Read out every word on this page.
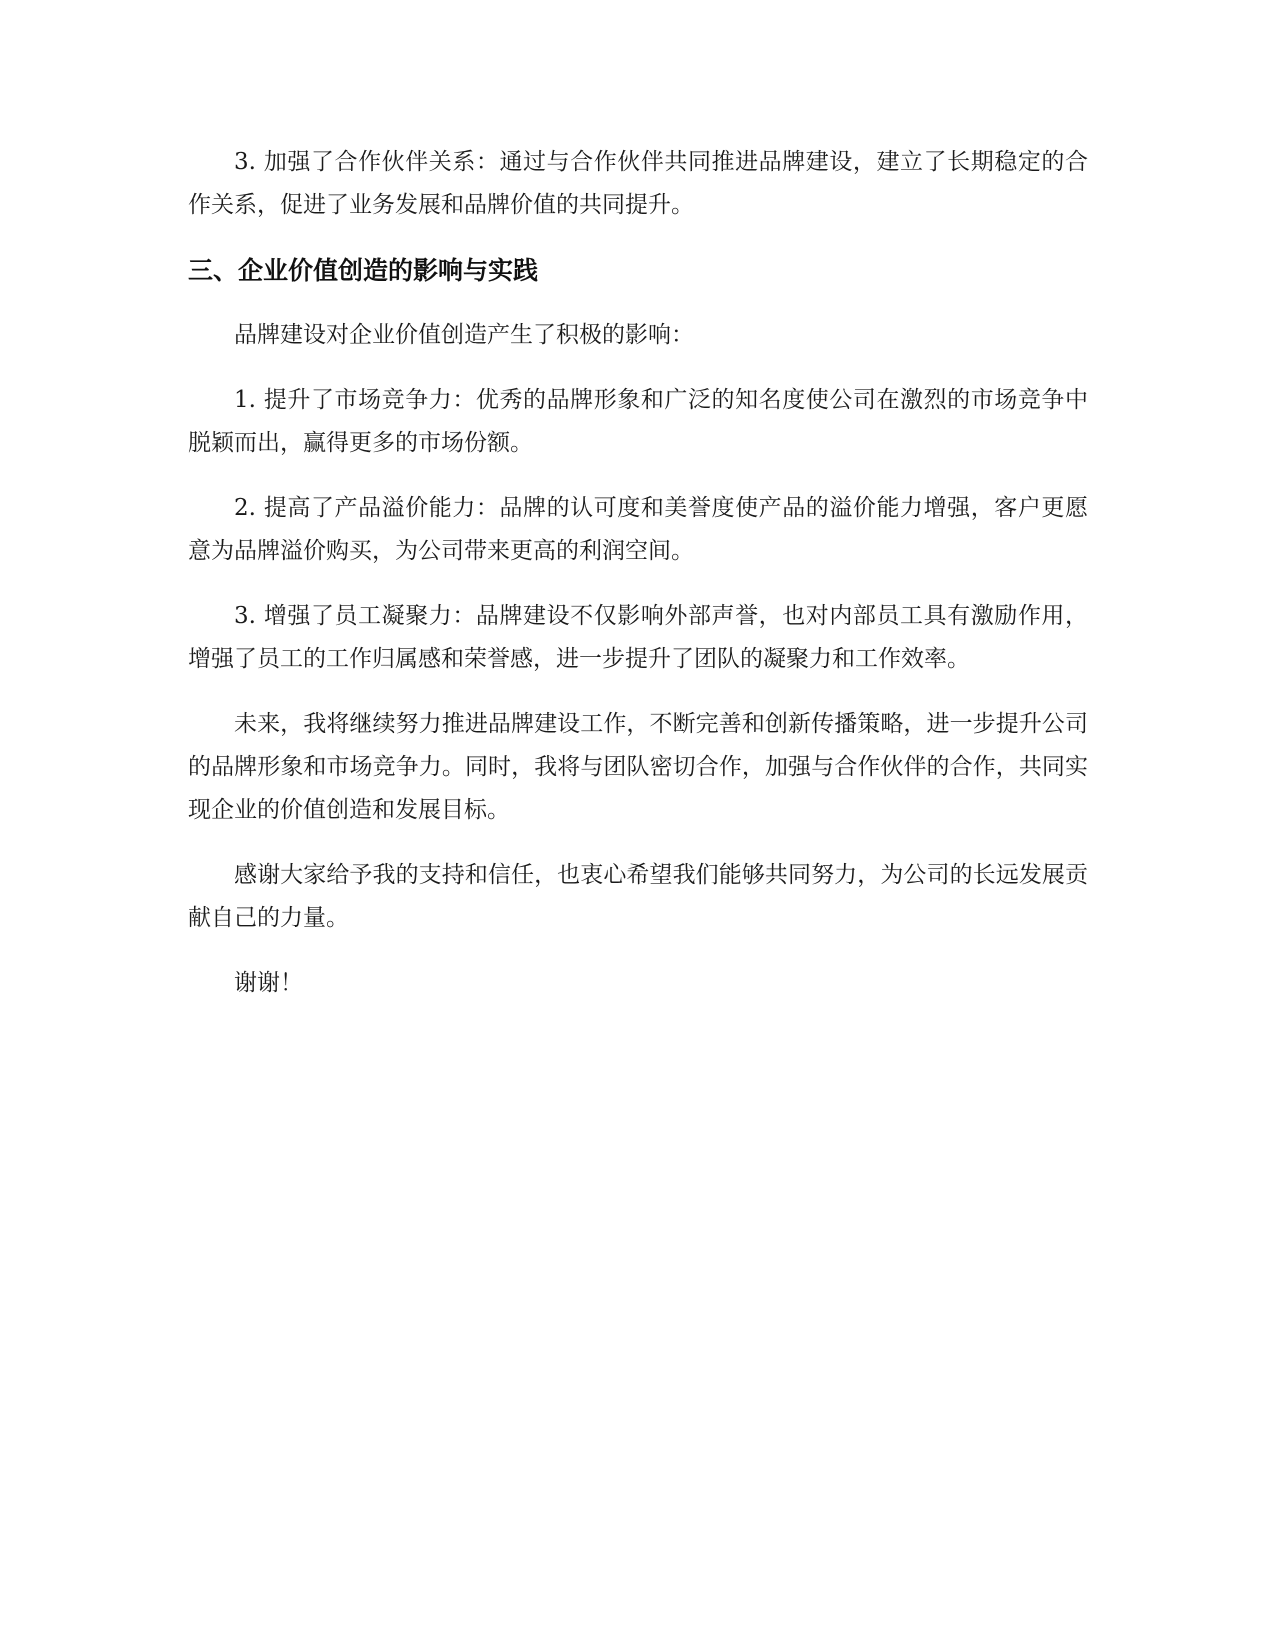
3. 加强了合作伙伴关系：通过与合作伙伴共同推进品牌建设，建立了长期稳定的合作关系，促进了业务发展和品牌价值的共同提升。

三、企业价值创造的影响与实践

品牌建设对企业价值创造产生了积极的影响：

1. 提升了市场竞争力：优秀的品牌形象和广泛的知名度使公司在激烈的市场竞争中脱颖而出，赢得更多的市场份额。

2. 提高了产品溢价能力：品牌的认可度和美誉度使产品的溢价能力增强，客户更愿意为品牌溢价购买，为公司带来更高的利润空间。

3. 增强了员工凝聚力：品牌建设不仅影响外部声誉，也对内部员工具有激励作用，增强了员工的工作归属感和荣誉感，进一步提升了团队的凝聚力和工作效率。

未来，我将继续努力推进品牌建设工作，不断完善和创新传播策略，进一步提升公司的品牌形象和市场竞争力。同时，我将与团队密切合作，加强与合作伙伴的合作，共同实现企业的价值创造和发展目标。

感谢大家给予我的支持和信任，也衷心希望我们能够共同努力，为公司的长远发展贡献自己的力量。

谢谢！
